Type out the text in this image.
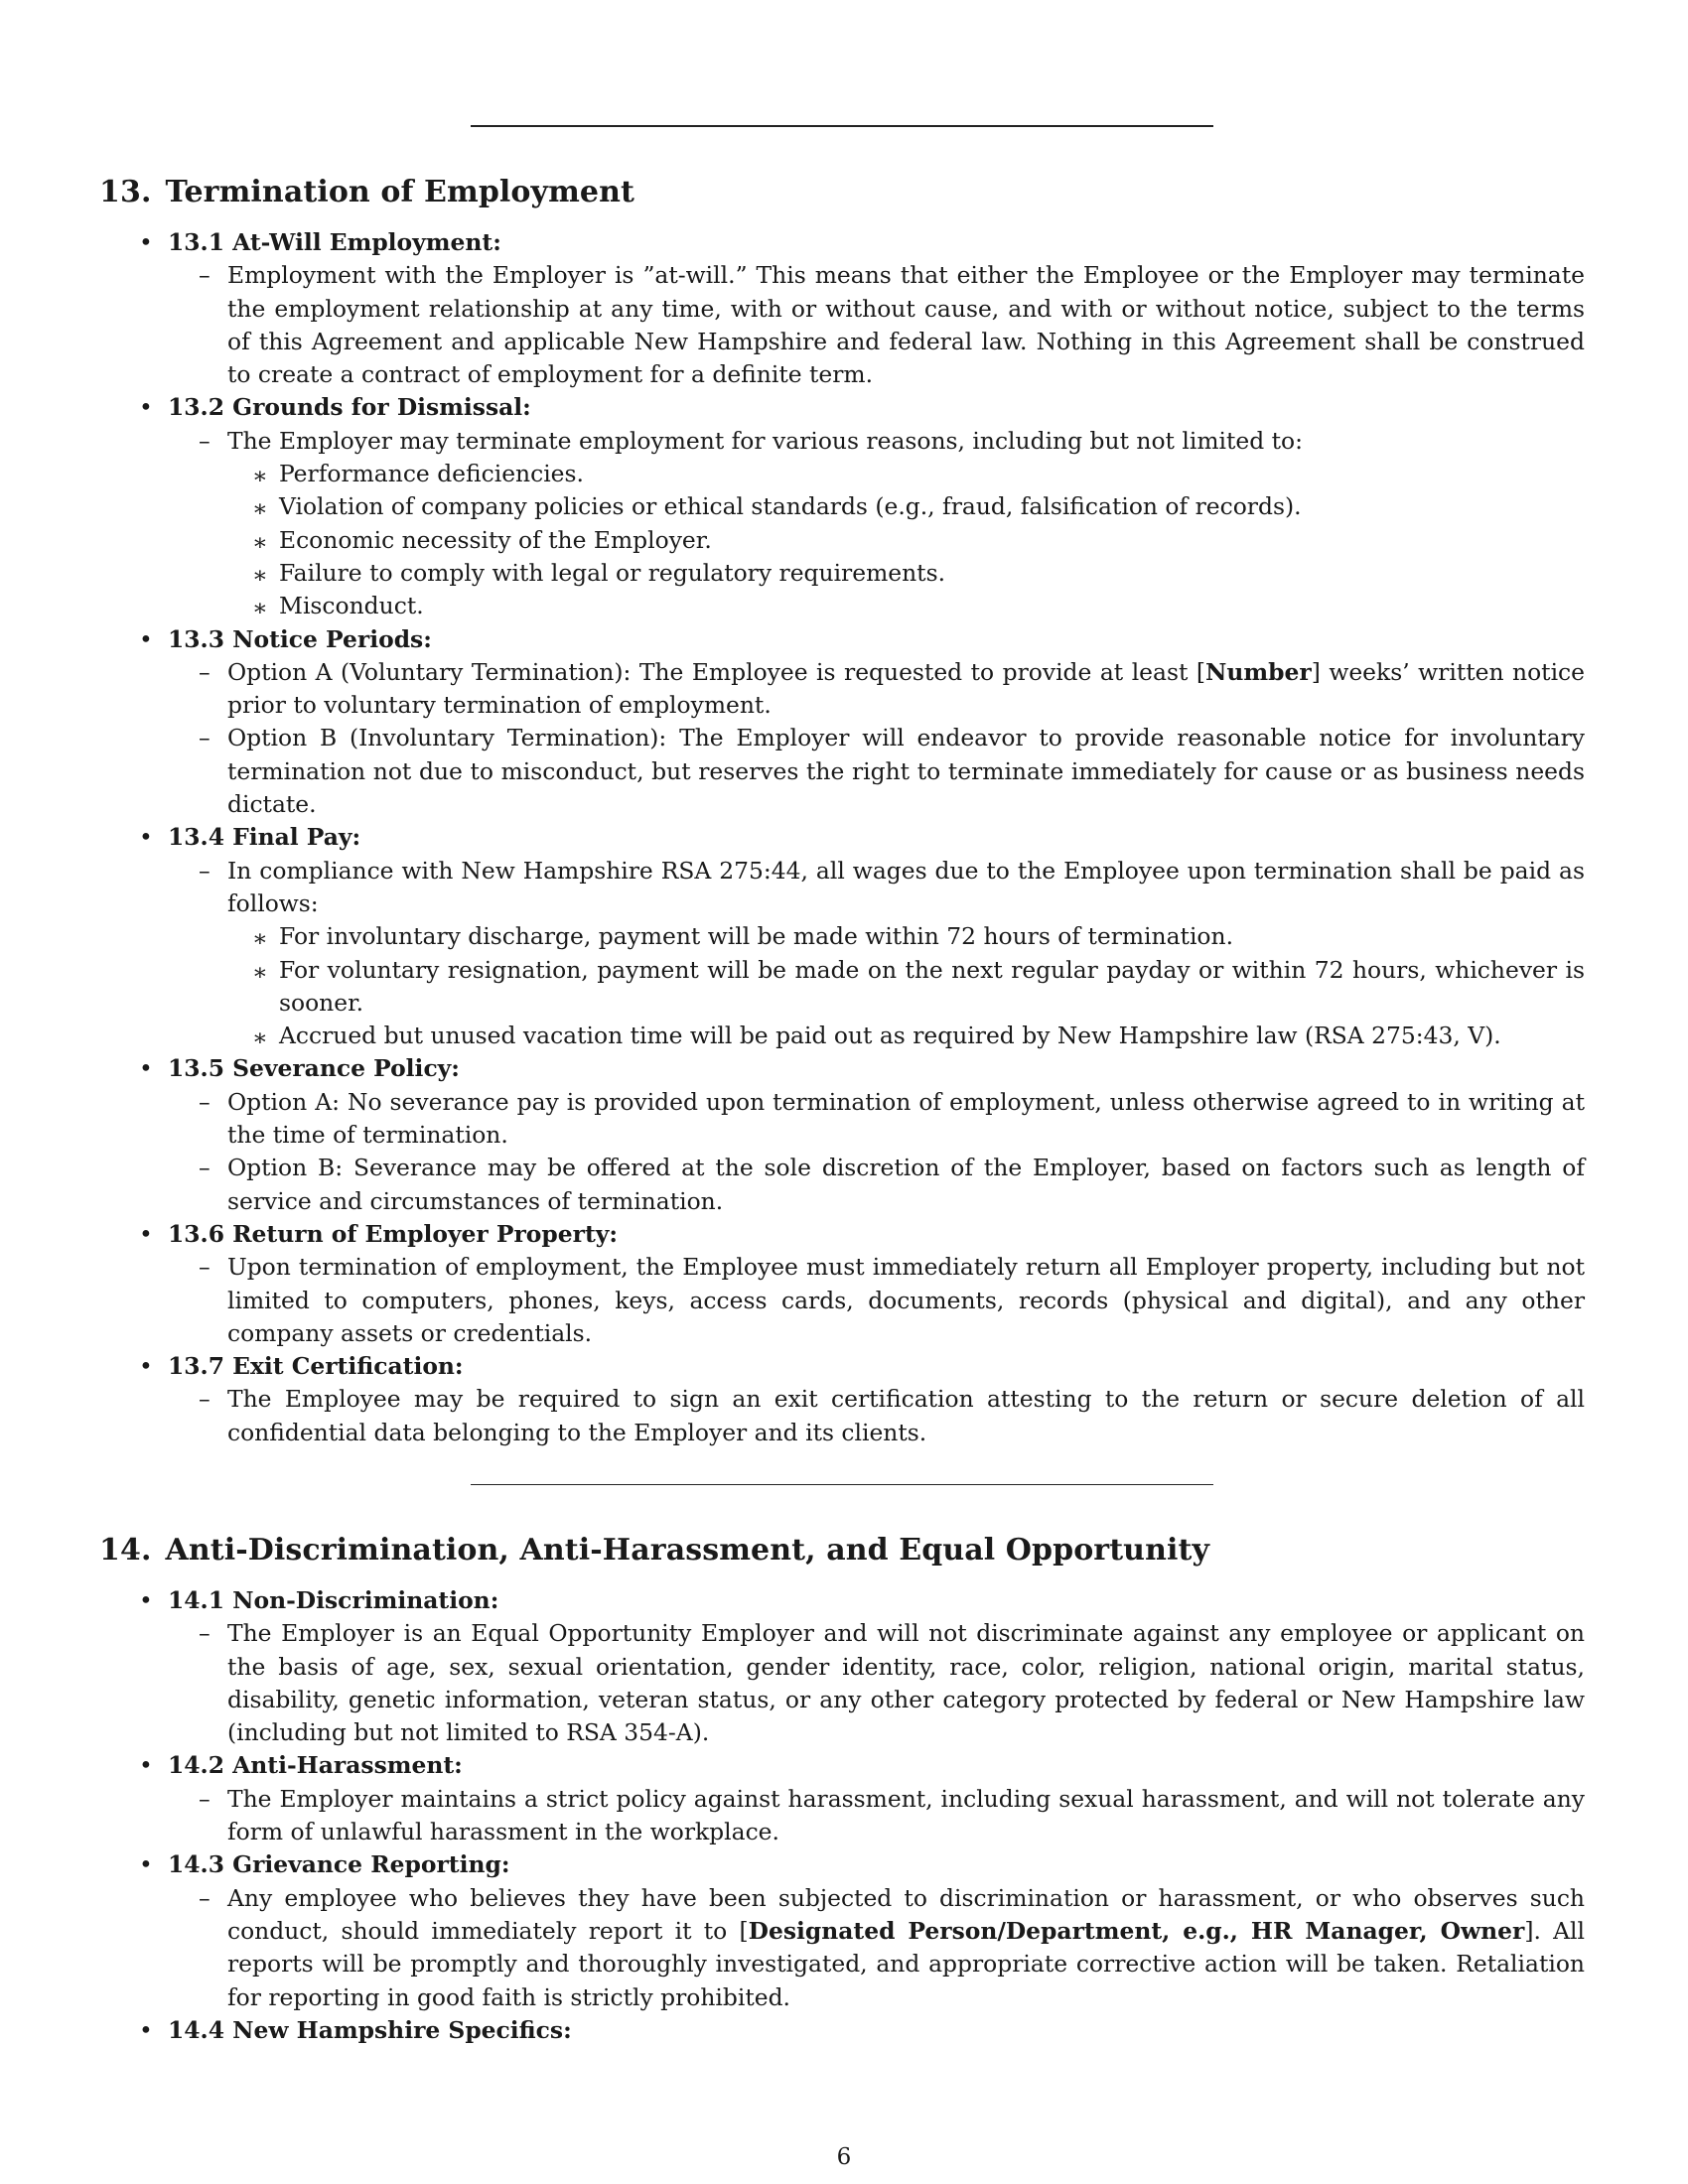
13. Termination of Employment
• 13.1 At-Will Employment:
– Employment with the Employer is ”at-will.” This means that either the Employee or the Employer may terminate the employment relationship at any time, with or without cause, and with or without notice, subject to the terms of this Agreement and applicable New Hampshire and federal law. Nothing in this Agreement shall be construed to create a contract of employment for a definite term.
• 13.2 Grounds for Dismissal:
– The Employer may terminate employment for various reasons, including but not limited to:
∗ Performance deficiencies.
∗ Violation of company policies or ethical standards (e.g., fraud, falsification of records).
∗ Economic necessity of the Employer.
∗ Failure to comply with legal or regulatory requirements.
∗ Misconduct.
• 13.3 Notice Periods:
– Option A (Voluntary Termination): The Employee is requested to provide at least [Number] weeks’ written notice prior to voluntary termination of employment.
– Option B (Involuntary Termination): The Employer will endeavor to provide reasonable notice for involuntary termination not due to misconduct, but reserves the right to terminate immediately for cause or as business needs dictate.
• 13.4 Final Pay:
– In compliance with New Hampshire RSA 275:44, all wages due to the Employee upon termination shall be paid as follows:
∗ For involuntary discharge, payment will be made within 72 hours of termination.
∗ For voluntary resignation, payment will be made on the next regular payday or within 72 hours, whichever is sooner.
∗ Accrued but unused vacation time will be paid out as required by New Hampshire law (RSA 275:43, V).
• 13.5 Severance Policy:
– Option A: No severance pay is provided upon termination of employment, unless otherwise agreed to in writing at the time of termination.
– Option B: Severance may be offered at the sole discretion of the Employer, based on factors such as length of service and circumstances of termination.
• 13.6 Return of Employer Property:
– Upon termination of employment, the Employee must immediately return all Employer property, including but not limited to computers, phones, keys, access cards, documents, records (physical and digital), and any other company assets or credentials.
• 13.7 Exit Certification:
– The Employee may be required to sign an exit certification attesting to the return or secure deletion of all confidential data belonging to the Employer and its clients.
14. Anti-Discrimination, Anti-Harassment, and Equal Opportunity
• 14.1 Non-Discrimination:
– The Employer is an Equal Opportunity Employer and will not discriminate against any employee or applicant on the basis of age, sex, sexual orientation, gender identity, race, color, religion, national origin, marital status, disability, genetic information, veteran status, or any other category protected by federal or New Hampshire law (including but not limited to RSA 354-A).
• 14.2 Anti-Harassment:
– The Employer maintains a strict policy against harassment, including sexual harassment, and will not tolerate any form of unlawful harassment in the workplace.
• 14.3 Grievance Reporting:
– Any employee who believes they have been subjected to discrimination or harassment, or who observes such conduct, should immediately report it to [Designated Person/Department, e.g., HR Manager, Owner]. All reports will be promptly and thoroughly investigated, and appropriate corrective action will be taken. Retaliation for reporting in good faith is strictly prohibited.
• 14.4 New Hampshire Specifics:
6
